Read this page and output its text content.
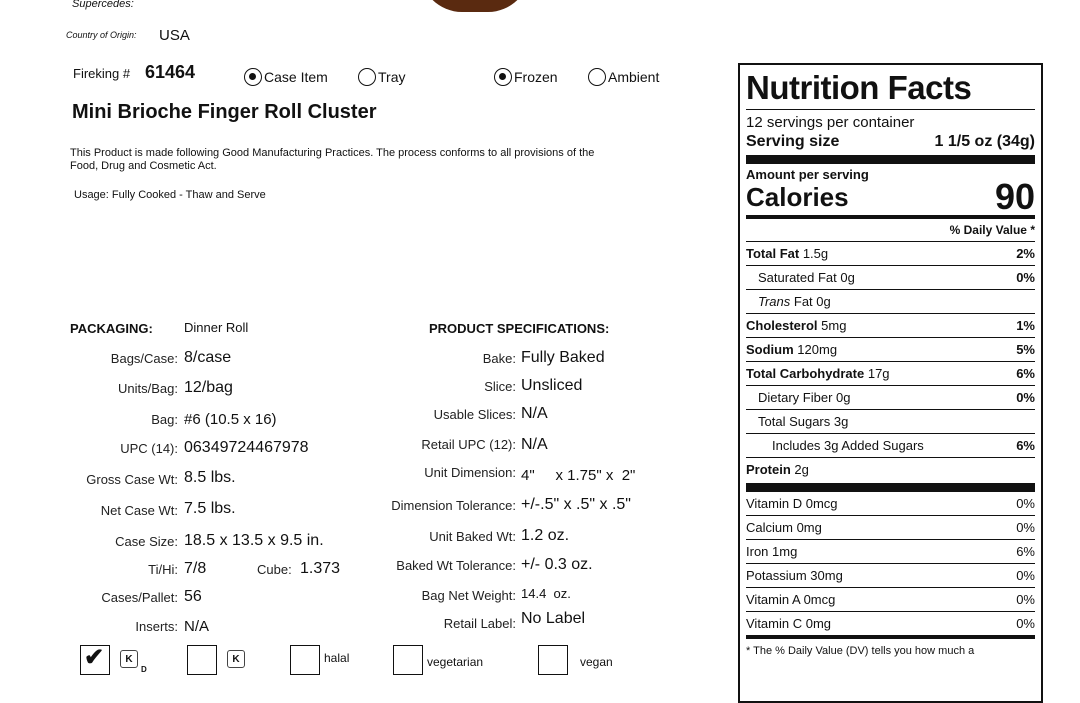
Supercedes:
Country of Origin: USA
Fireking # 61464	Case Item	Tray	Frozen	Ambient
Mini Brioche Finger Roll Cluster
This Product is made following Good Manufacturing Practices. The process conforms to all provisions of the
Food, Drug and Cosmetic Act.
Usage: Fully Cooked - Thaw and Serve
PACKAGING: Dinner Roll
Bags/Case: 8/case
Units/Bag: 12/bag
Bag: #6 (10.5 x 16)
UPC (14): 06349724467978
Gross Case Wt: 8.5 lbs.
Net Case Wt: 7.5 lbs.
Case Size: 18.5 x 13.5 x 9.5 in.
Ti/Hi: 7/8	Cube: 1.373
Cases/Pallet: 56
Inserts: N/A
PRODUCT SPECIFICATIONS:
Bake: Fully Baked
Slice: Unsliced
Usable Slices: N/A
Retail UPC (12): N/A
Unit Dimension: 4"     x 1.75" x  2"
Dimension Tolerance: +/-.5" x .5" x .5"
Unit Baked Wt: 1.2 oz.
Baked Wt Tolerance: +/- 0.3 oz.
Bag Net Weight: 14.4  oz.
Retail Label: No Label
✔	K
D
K	halal	vegetarian	vegan
Nutrition Facts
12 servings per container
Serving size	1 1/5 oz (34g)
Amount per serving
Calories	90
% Daily Value *
Total Fat 1.5g	2%
Saturated Fat 0g	0%
Trans Fat 0g
Cholesterol 5mg	1%
Sodium 120mg	5%
Total Carbohydrate 17g	6%
Dietary Fiber 0g	0%
Total Sugars 3g
Includes 3g Added Sugars	6%
Protein 2g
Vitamin D 0mcg	0%
Calcium 0mg	0%
Iron 1mg	6%
Potassium 30mg	0%
Vitamin A 0mcg	0%
Vitamin C 0mg	0%
* The % Daily Value (DV) tells you how much a
